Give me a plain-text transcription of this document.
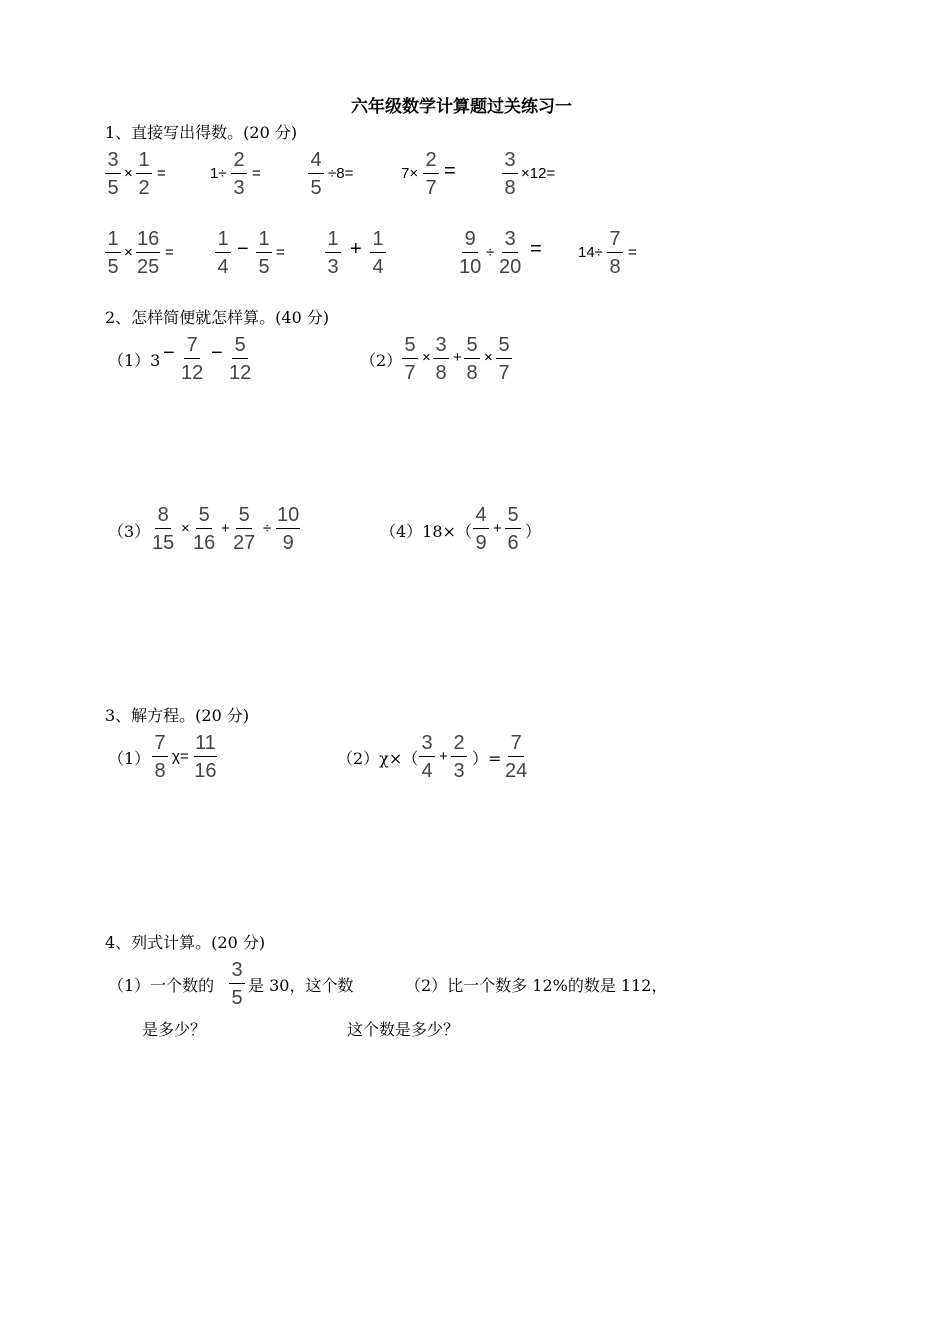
六年级数学计算题过关练习一
1、直接写出得数。(20 分)
$\frac{3}{5} \times \frac{1}{2}$ =	$1\div \frac{2}{3} = \frac{4}{5} \div 8=$	$7\times \frac{2}{7} = \frac{3}{8} \times 12=$
$\frac{1}{5} \times \frac{16}{25} = \frac{1}{4} - \frac{1}{5} = \frac{1}{3} + \frac{1}{4}$	$\frac{9}{10} \div \frac{3}{20} = 14\div \frac{7}{8}$ =
2、怎样简便就怎样算。(40 分)
$(1)3 - \frac{7}{12} - \frac{5}{12}$	$(2) \frac{5}{7} \times \frac{3}{8} + \frac{5}{8} \times \frac{5}{7}$
$(3) \frac{8}{15} \times \frac{5}{16} + \frac{5}{27} \div \frac{10}{9}$	$(4)18\times( \frac{4}{9} + \frac{5}{6}$ ）
3、解方程。(20 分)
$(1) \frac{7}{8} \chi= \frac{11}{16}$	$(2)\chi\times( \frac{3}{4} + \frac{2}{3}$ ）= $\frac{7}{24}$
4、列式计算。(20 分)
（1）一个数的 $\frac{3}{5}$ 是 30，这个数
是多少？
（2）比一个数多 12%的数是 112，
这个数是多少？
